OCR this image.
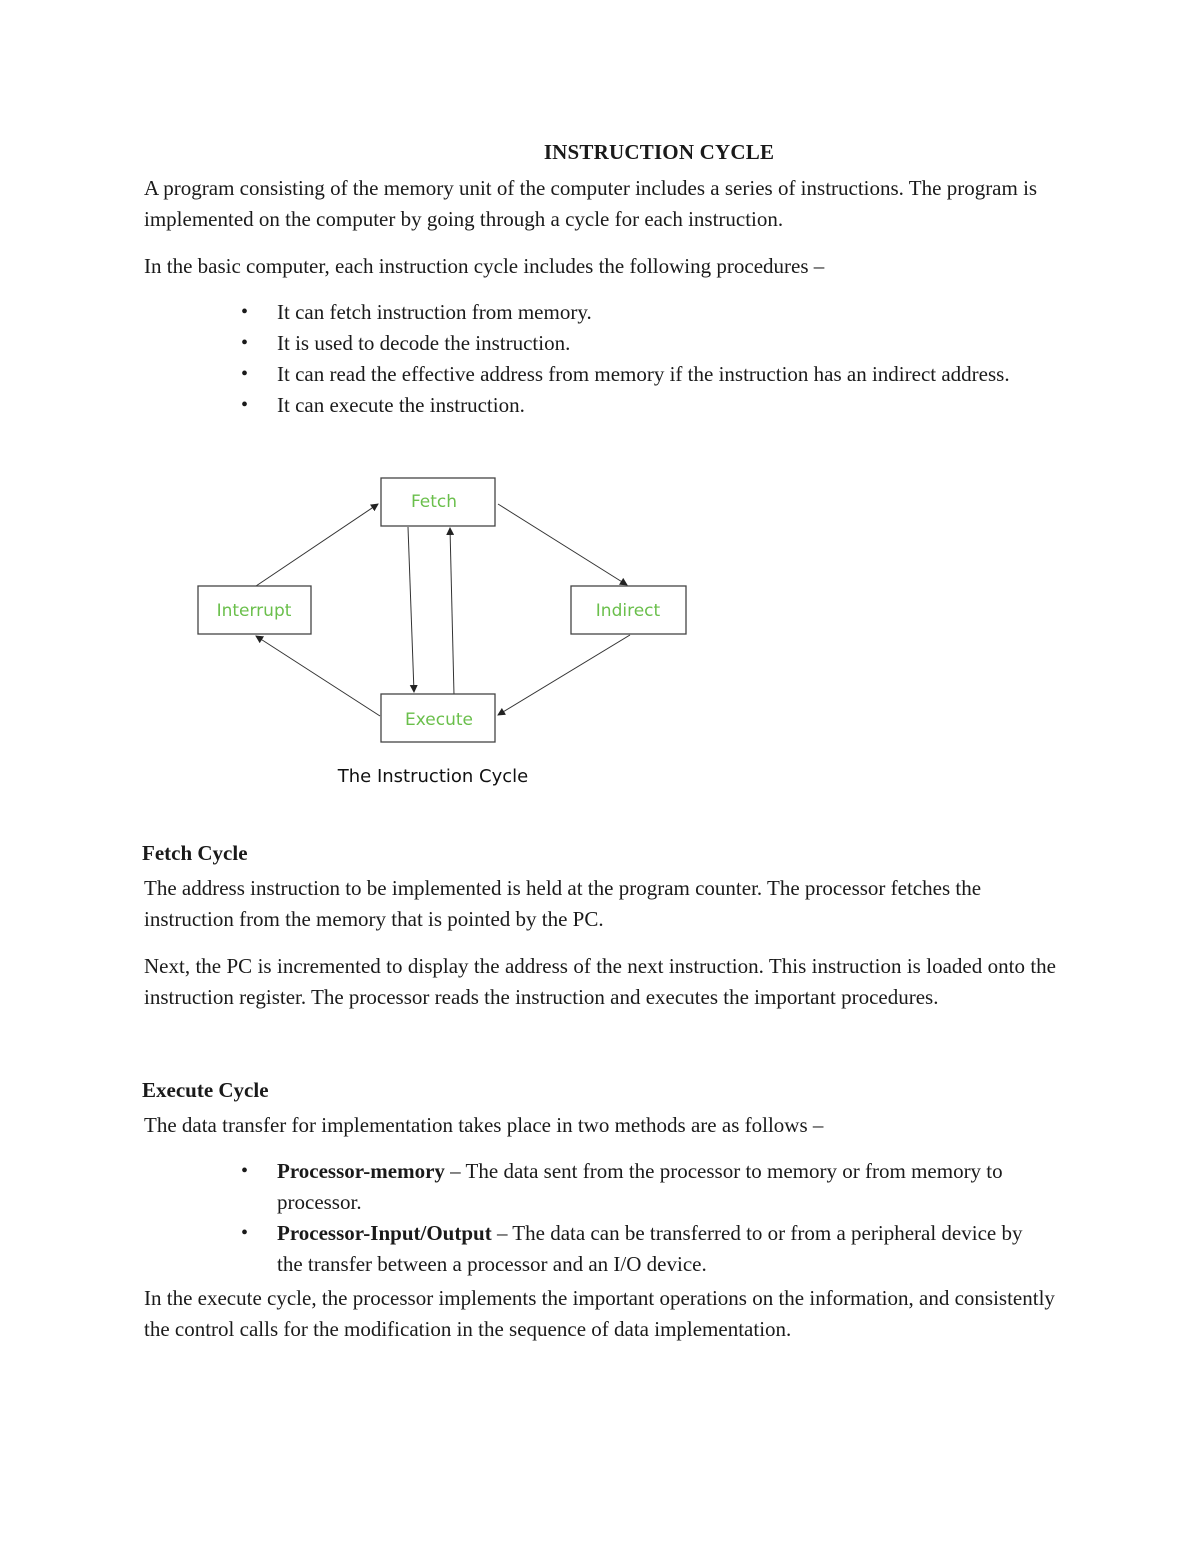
INSTRUCTION CYCLE

A program consisting of the memory unit of the computer includes a series of instructions. The program is implemented on the computer by going through a cycle for each instruction.

In the basic computer, each instruction cycle includes the following procedures –

• It can fetch instruction from memory.
• It is used to decode the instruction.
• It can read the effective address from memory if the instruction has an indirect address.
• It can execute the instruction.
Fetch
Interrupt	Indirect
Execute
The Instruction Cycle
Fetch Cycle

The address instruction to be implemented is held at the program counter. The processor fetches the instruction from the memory that is pointed by the PC.

Next, the PC is incremented to display the address of the next instruction. This instruction is loaded onto the instruction register. The processor reads the instruction and executes the important procedures.

Execute Cycle

The data transfer for implementation takes place in two methods are as follows –

• Processor-memory – The data sent from the processor to memory or from memory to processor.
• Processor-Input/Output – The data can be transferred to or from a peripheral device by the transfer between a processor and an I/O device.

In the execute cycle, the processor implements the important operations on the information, and consistently the control calls for the modification in the sequence of data implementation.
